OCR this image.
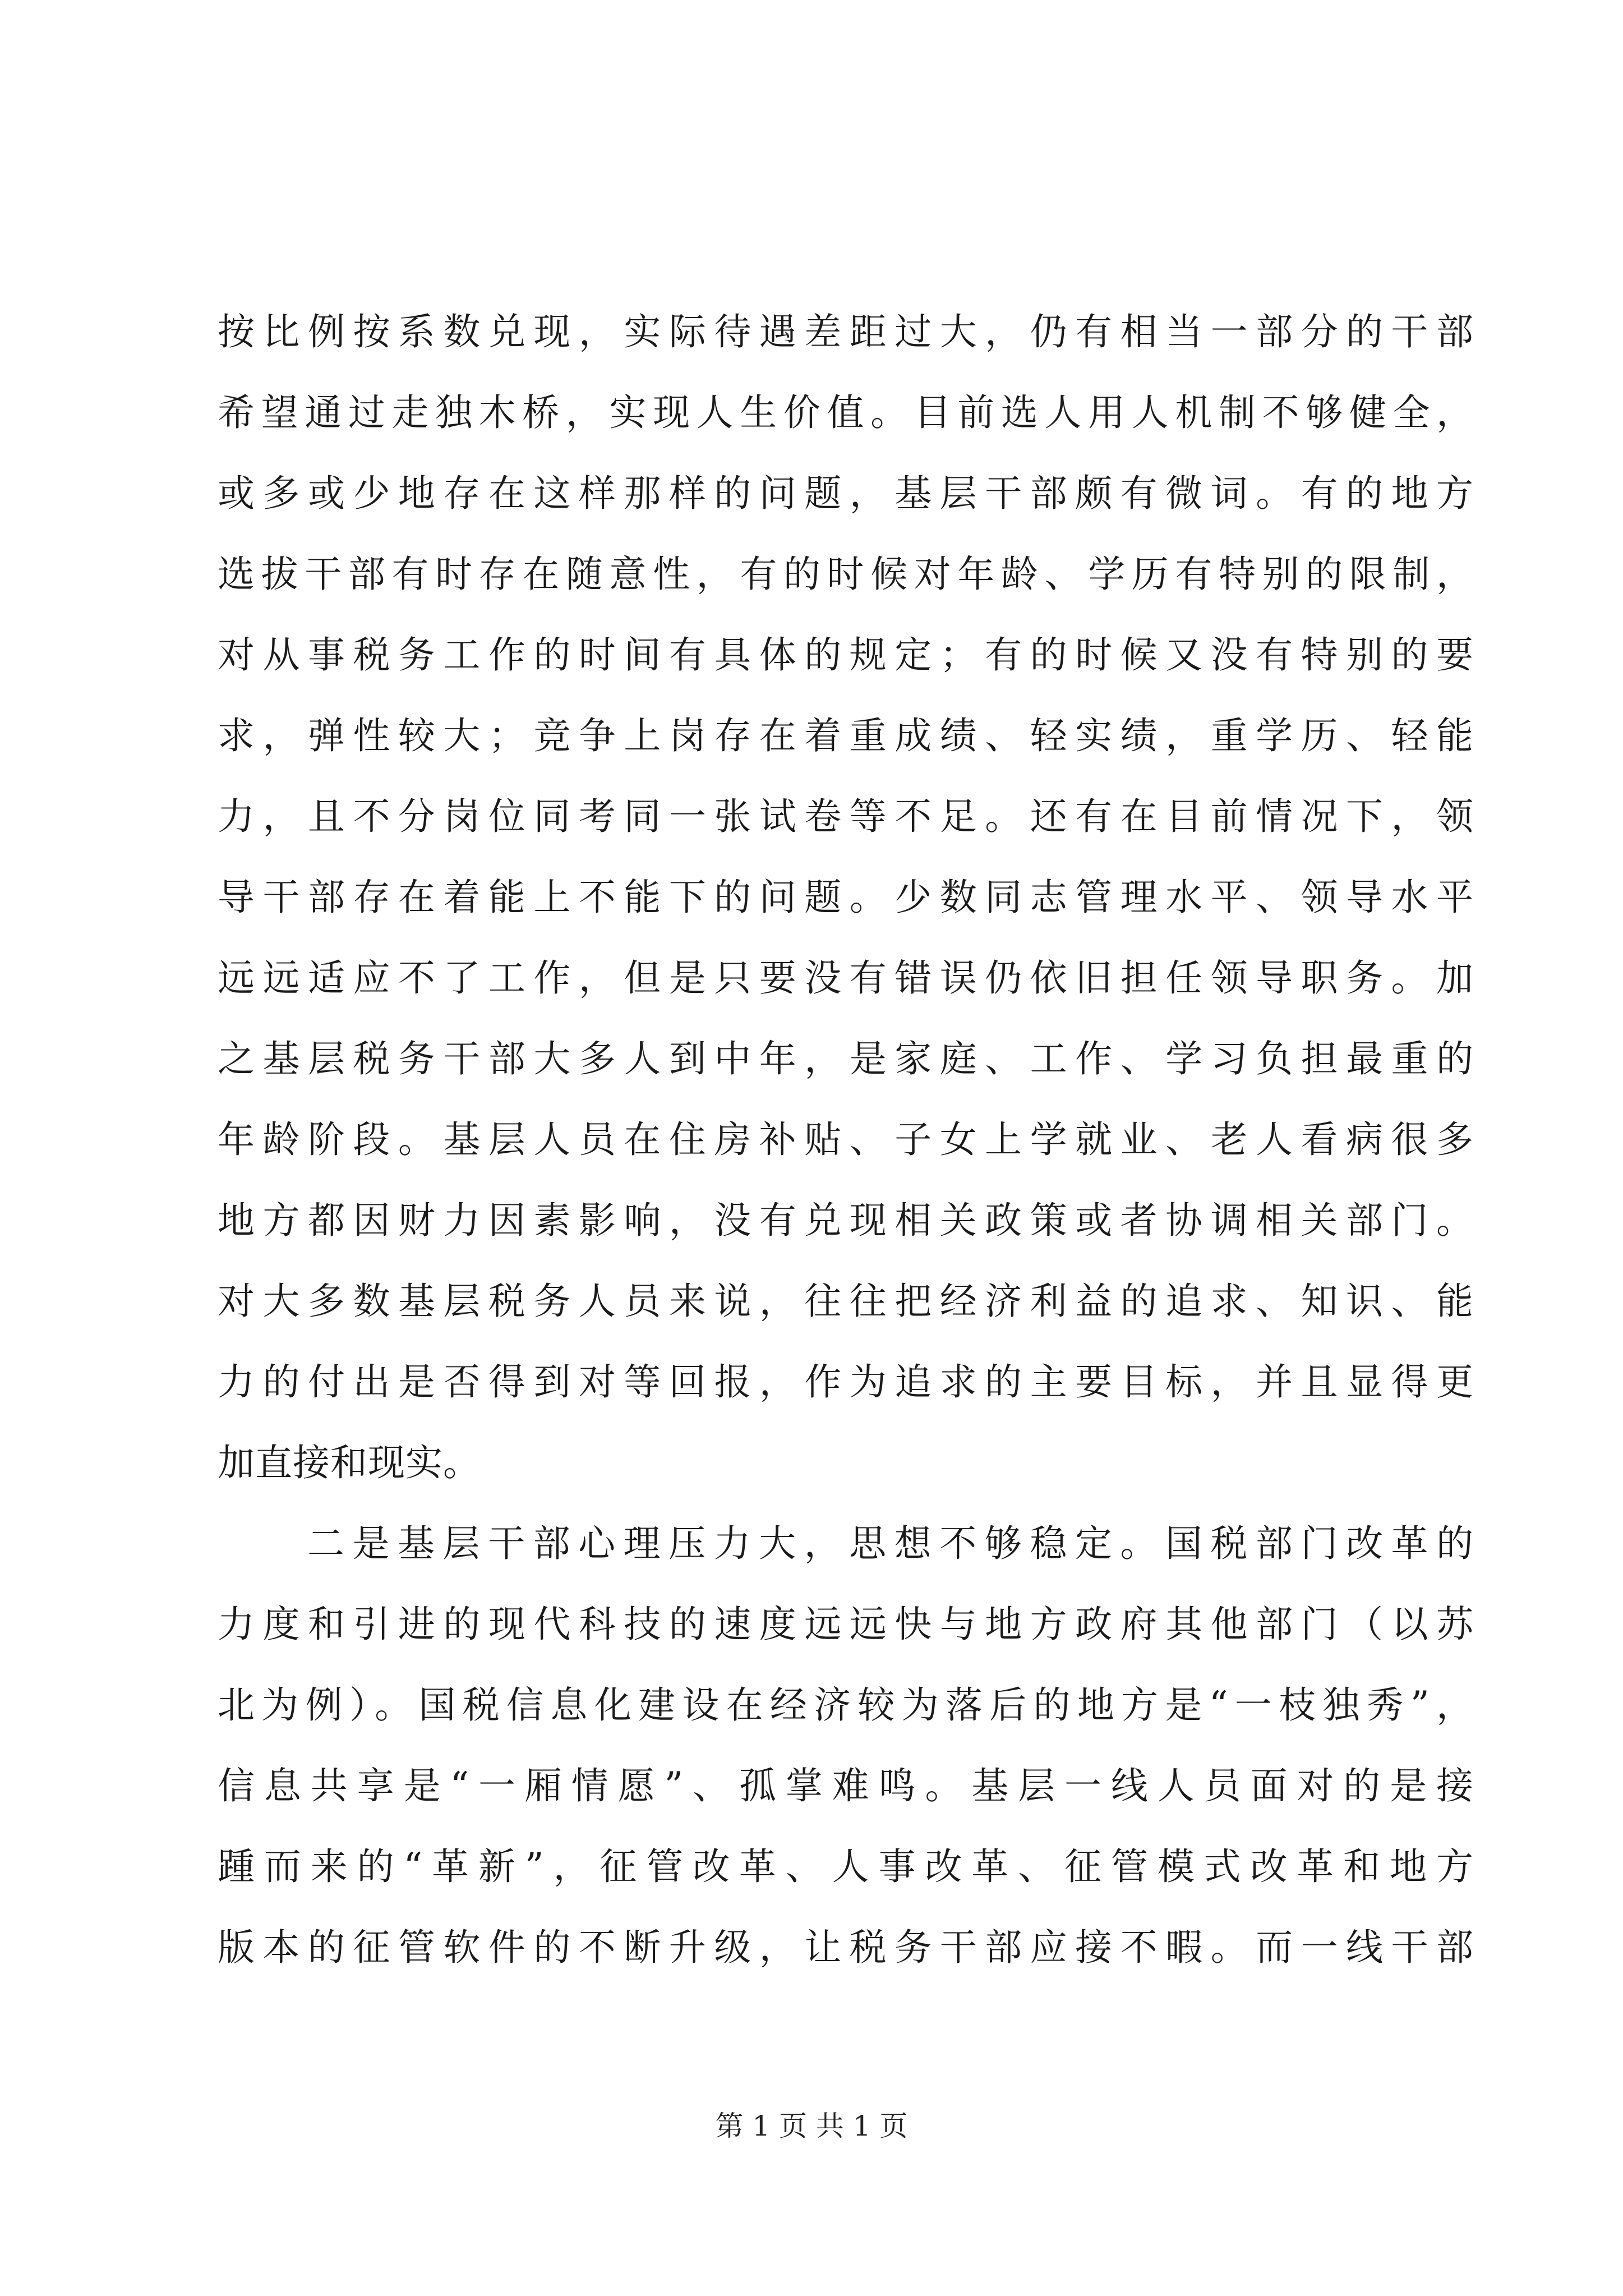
按比例按系数兑现，实际待遇差距过大，仍有相当一部分的干部
希望通过走独木桥，实现人生价值。目前选人用人机制不够健全，
或多或少地存在这样那样的问题，基层干部颇有微词。有的地方
选拔干部有时存在随意性，有的时候对年龄、学历有特别的限制，
对从事税务工作的时间有具体的规定；有的时候又没有特别的要
求，弹性较大；竞争上岗存在着重成绩、轻实绩，重学历、轻能
力，且不分岗位同考同一张试卷等不足。还有在目前情况下，领
导干部存在着能上不能下的问题。少数同志管理水平、领导水平
远远适应不了工作，但是只要没有错误仍依旧担任领导职务。加
之基层税务干部大多人到中年，是家庭、工作、学习负担最重的
年龄阶段。基层人员在住房补贴、子女上学就业、老人看病很多
地方都因财力因素影响，没有兑现相关政策或者协调相关部门。
对大多数基层税务人员来说，往往把经济利益的追求、知识、能
力的付出是否得到对等回报，作为追求的主要目标，并且显得更
加直接和现实。
二是基层干部心理压力大，思想不够稳定。国税部门改革的
力度和引进的现代科技的速度远远快与地方政府其他部门（以苏
北为例）。国税信息化建设在经济较为落后的地方是“一枝独秀”，
信息共享是“一厢情愿”、孤掌难鸣。基层一线人员面对的是接
踵而来的“革新”，征管改革、人事改革、征管模式改革和地方
版本的征管软件的不断升级，让税务干部应接不暇。而一线干部
第 1 页 共 1 页
